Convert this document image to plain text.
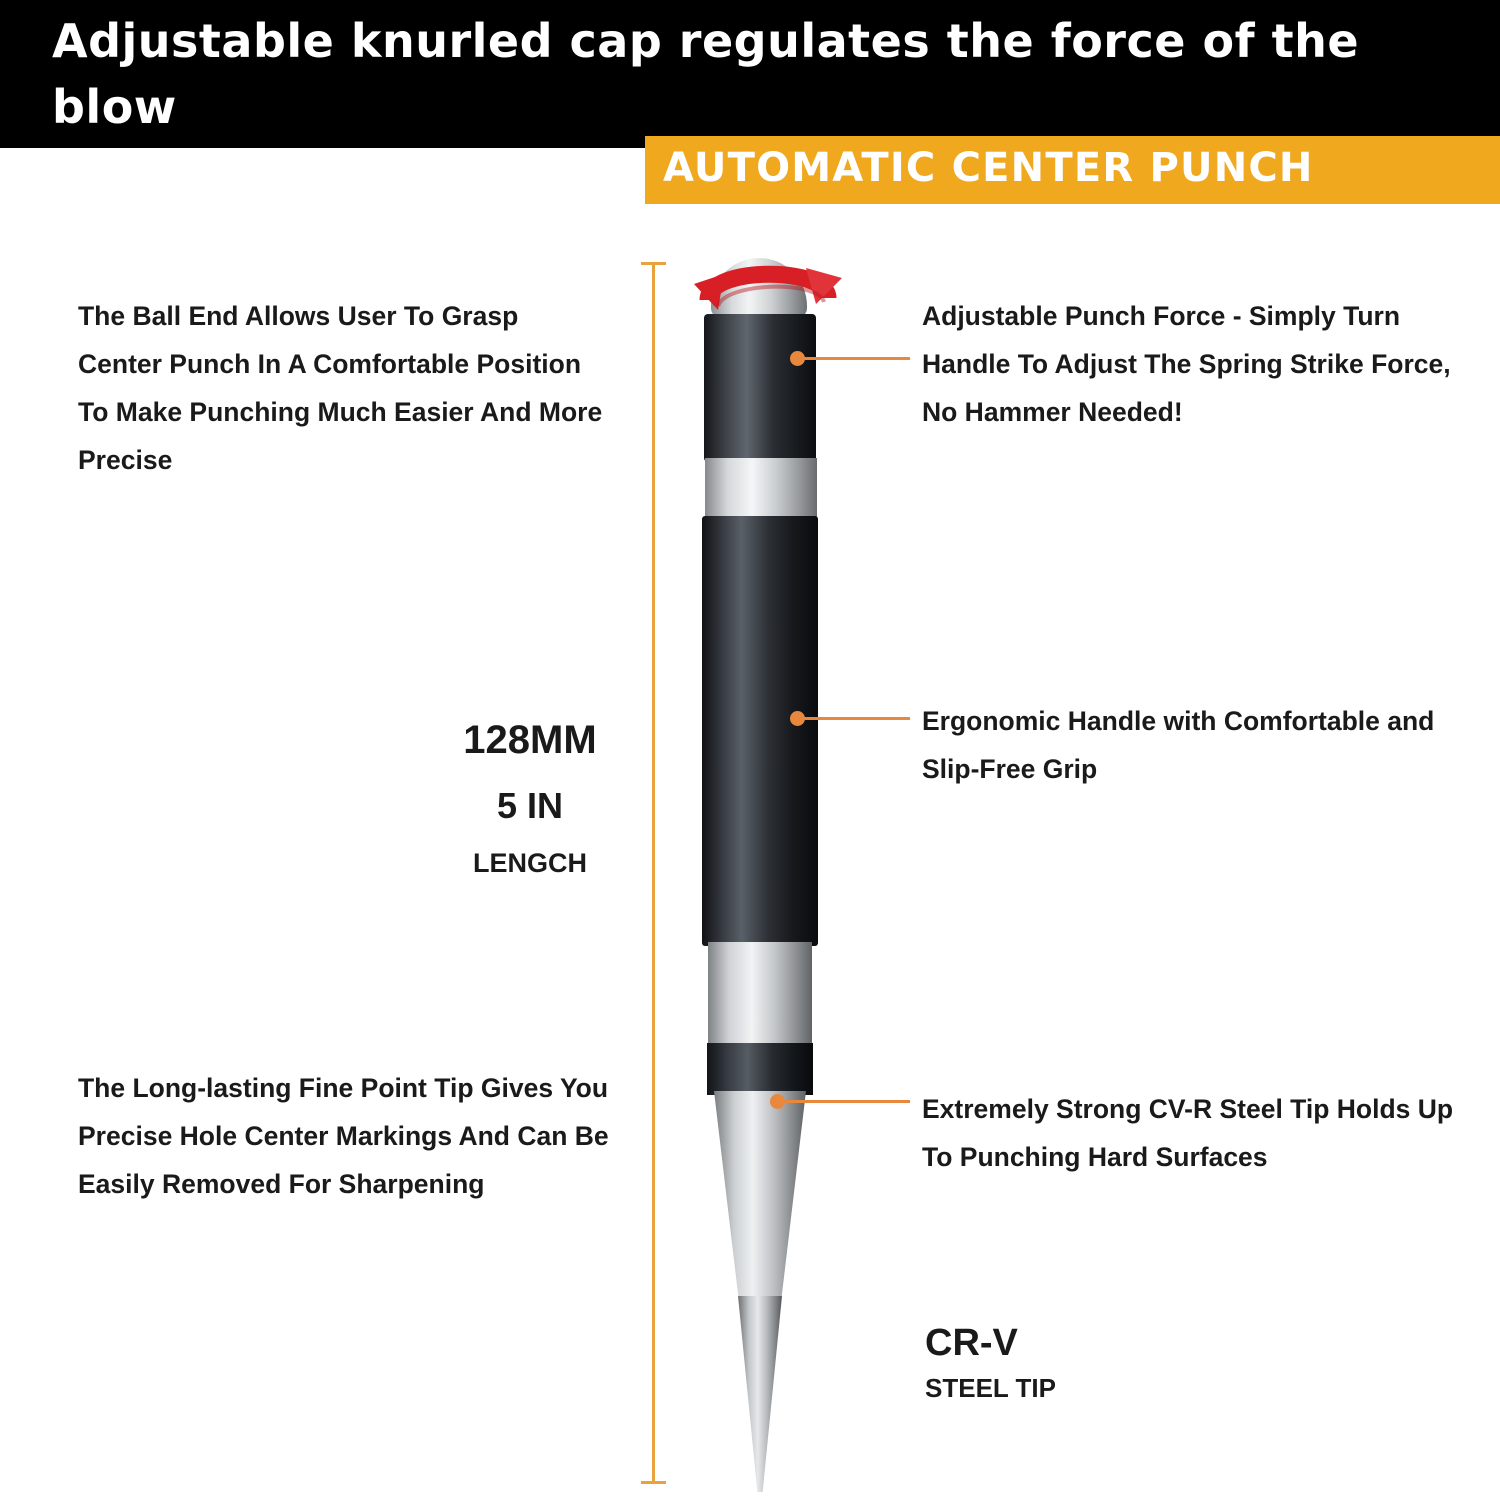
Adjustable knurled cap regulates the force of the blow
AUTOMATIC CENTER PUNCH
The Ball End Allows User To Grasp Center Punch In A Comfortable Position To Make Punching Much Easier And More Precise
The Long-lasting Fine Point Tip Gives You Precise Hole Center Markings And Can Be Easily Removed For Sharpening
Adjustable Punch Force - Simply Turn Handle To Adjust The Spring Strike Force, No Hammer Needed!
Ergonomic Handle with Comfortable and Slip-Free Grip
Extremely Strong CV-R Steel Tip Holds Up To Punching Hard Surfaces
128MM
5 IN
LENGCH
CR-V
STEEL TIP
